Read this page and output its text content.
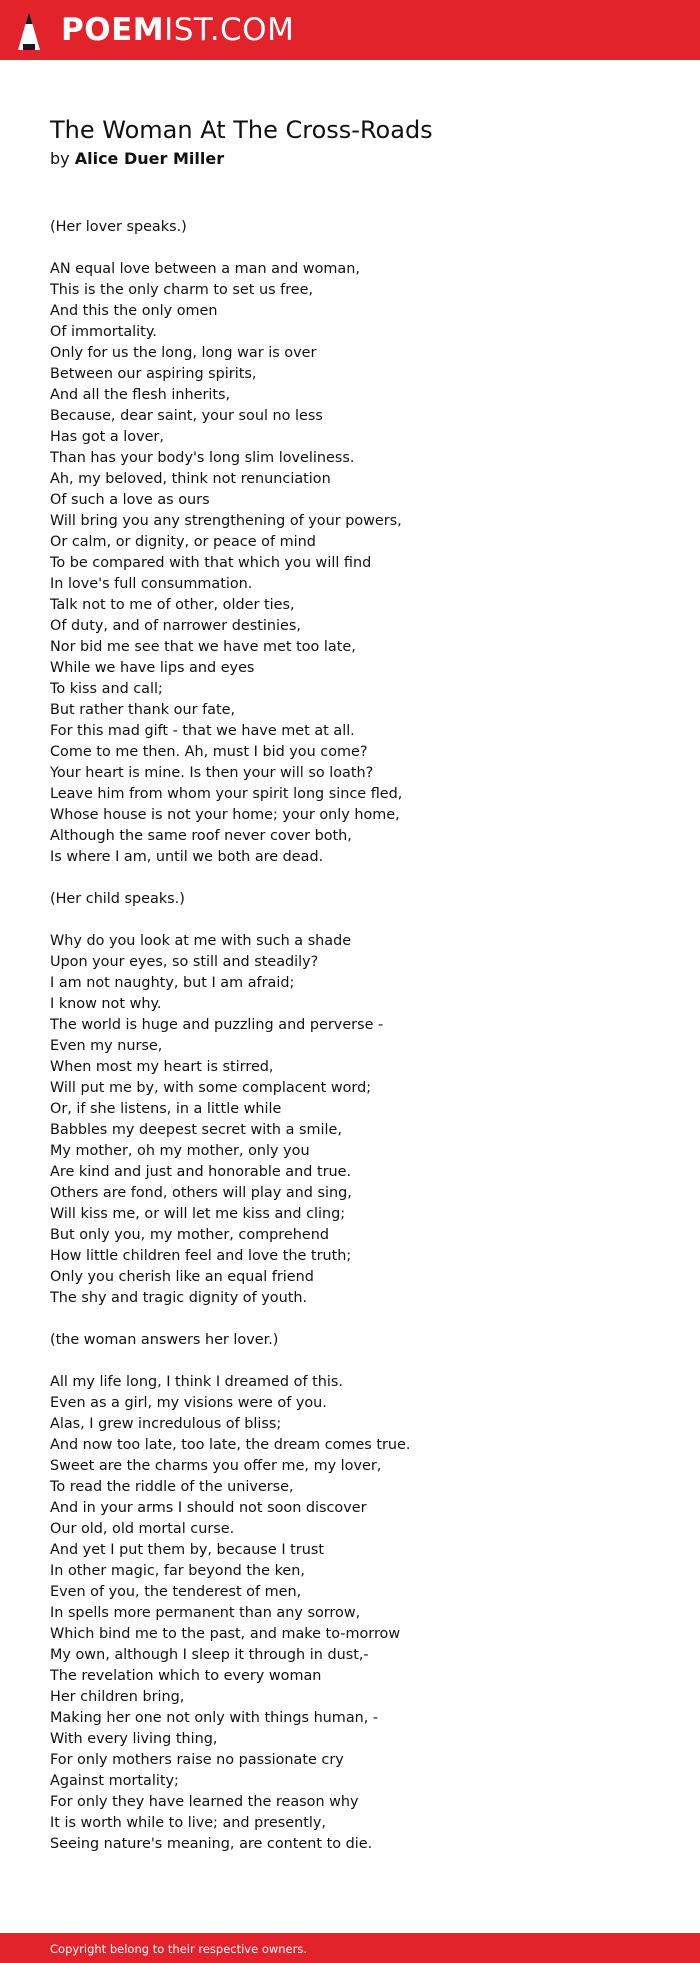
POEMIST.COM
The Woman At The Cross-Roads
by Alice Duer Miller
(Her lover speaks.)
AN equal love between a man and woman,
This is the only charm to set us free,
And this the only omen
Of immortality.
Only for us the long, long war is over
Between our aspiring spirits,
And all the flesh inherits,
Because, dear saint, your soul no less
Has got a lover,
Than has your body's long slim loveliness.
Ah, my beloved, think not renunciation
Of such a love as ours
Will bring you any strengthening of your powers,
Or calm, or dignity, or peace of mind
To be compared with that which you will find
In love's full consummation.
Talk not to me of other, older ties,
Of duty, and of narrower destinies,
Nor bid me see that we have met too late,
While we have lips and eyes
To kiss and call;
But rather thank our fate,
For this mad gift - that we have met at all.
Come to me then. Ah, must I bid you come?
Your heart is mine. Is then your will so loath?
Leave him from whom your spirit long since fled,
Whose house is not your home; your only home,
Although the same roof never cover both,
Is where I am, until we both are dead.
(Her child speaks.)
Why do you look at me with such a shade
Upon your eyes, so still and steadily?
I am not naughty, but I am afraid;
I know not why.
The world is huge and puzzling and perverse -
Even my nurse,
When most my heart is stirred,
Will put me by, with some complacent word;
Or, if she listens, in a little while
Babbles my deepest secret with a smile,
My mother, oh my mother, only you
Are kind and just and honorable and true.
Others are fond, others will play and sing,
Will kiss me, or will let me kiss and cling;
But only you, my mother, comprehend
How little children feel and love the truth;
Only you cherish like an equal friend
The shy and tragic dignity of youth.
(the woman answers her lover.)
All my life long, I think I dreamed of this.
Even as a girl, my visions were of you.
Alas, I grew incredulous of bliss;
And now too late, too late, the dream comes true.
Sweet are the charms you offer me, my lover,
To read the riddle of the universe,
And in your arms I should not soon discover
Our old, old mortal curse.
And yet I put them by, because I trust
In other magic, far beyond the ken,
Even of you, the tenderest of men,
In spells more permanent than any sorrow,
Which bind me to the past, and make to-morrow
My own, although I sleep it through in dust,-
The revelation which to every woman
Her children bring,
Making her one not only with things human, -
With every living thing,
For only mothers raise no passionate cry
Against mortality;
For only they have learned the reason why
It is worth while to live; and presently,
Seeing nature's meaning, are content to die.
Copyright belong to their respective owners.
